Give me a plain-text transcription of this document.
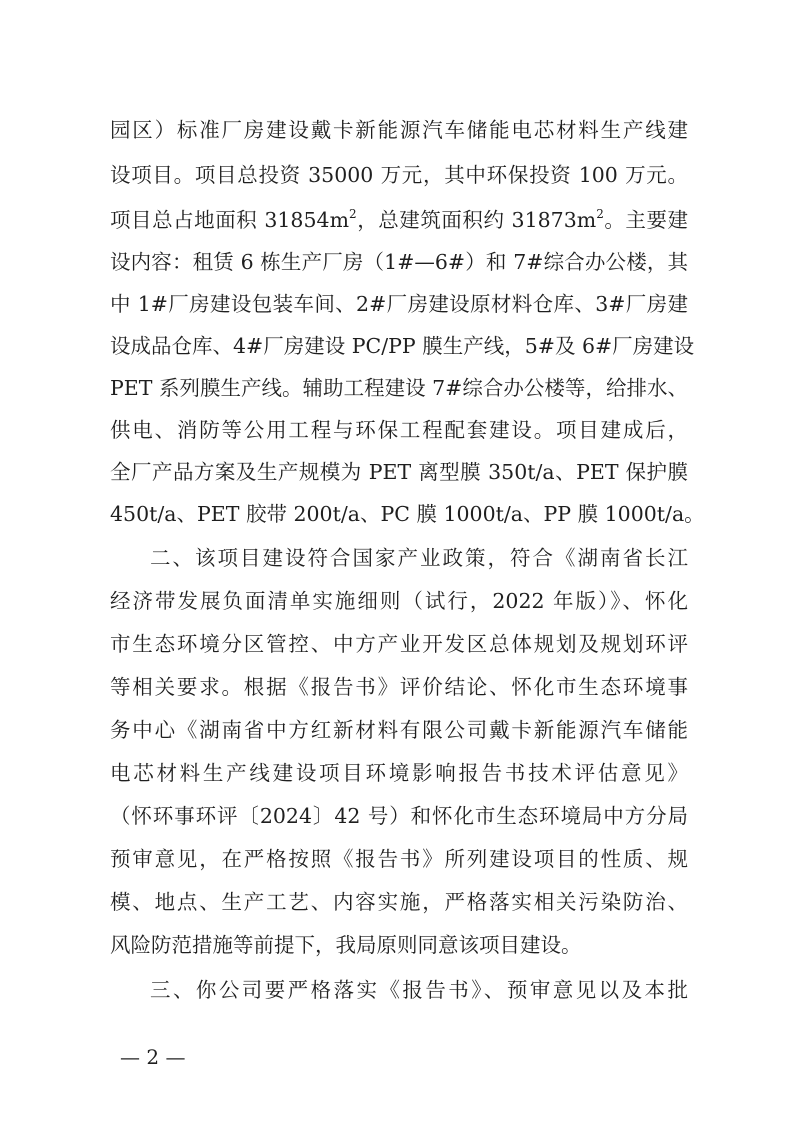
园区）标准厂房建设戴卡新能源汽车储能电芯材料生产线建
设项目。项目总投资 35000 万元，其中环保投资 100 万元。
项目总占地面积 $31854m^2$，总建筑面积约 $31873m^2$。主要建
设内容：租赁 6 栋生产厂房（1#—6#）和 7#综合办公楼，其
中 1#厂房建设包装车间、2#厂房建设原材料仓库、3#厂房建
设成品仓库、4#厂房建设 PC/PP 膜生产线，5#及 6#厂房建设
PET 系列膜生产线。辅助工程建设 7#综合办公楼等，给排水、
供电、消防等公用工程与环保工程配套建设。项目建成后，
全厂产品方案及生产规模为 PET 离型膜 350t/a、PET 保护膜
450t/a、PET 胶带 200t/a、PC 膜 1000t/a、PP 膜 1000t/a。
二、该项目建设符合国家产业政策，符合《湖南省长江
经济带发展负面清单实施细则（试行，2022 年版）》、怀化
市生态环境分区管控、中方产业开发区总体规划及规划环评
等相关要求。根据《报告书》评价结论、怀化市生态环境事
务中心《湖南省中方红新材料有限公司戴卡新能源汽车储能
电芯材料生产线建设项目环境影响报告书技术评估意见》
（怀环事环评〔2024〕42 号）和怀化市生态环境局中方分局
预审意见，在严格按照《报告书》所列建设项目的性质、规
模、地点、生产工艺、内容实施，严格落实相关污染防治、
风险防范措施等前提下，我局原则同意该项目建设。
三、你公司要严格落实《报告书》、预审意见以及本批
— 2 —
